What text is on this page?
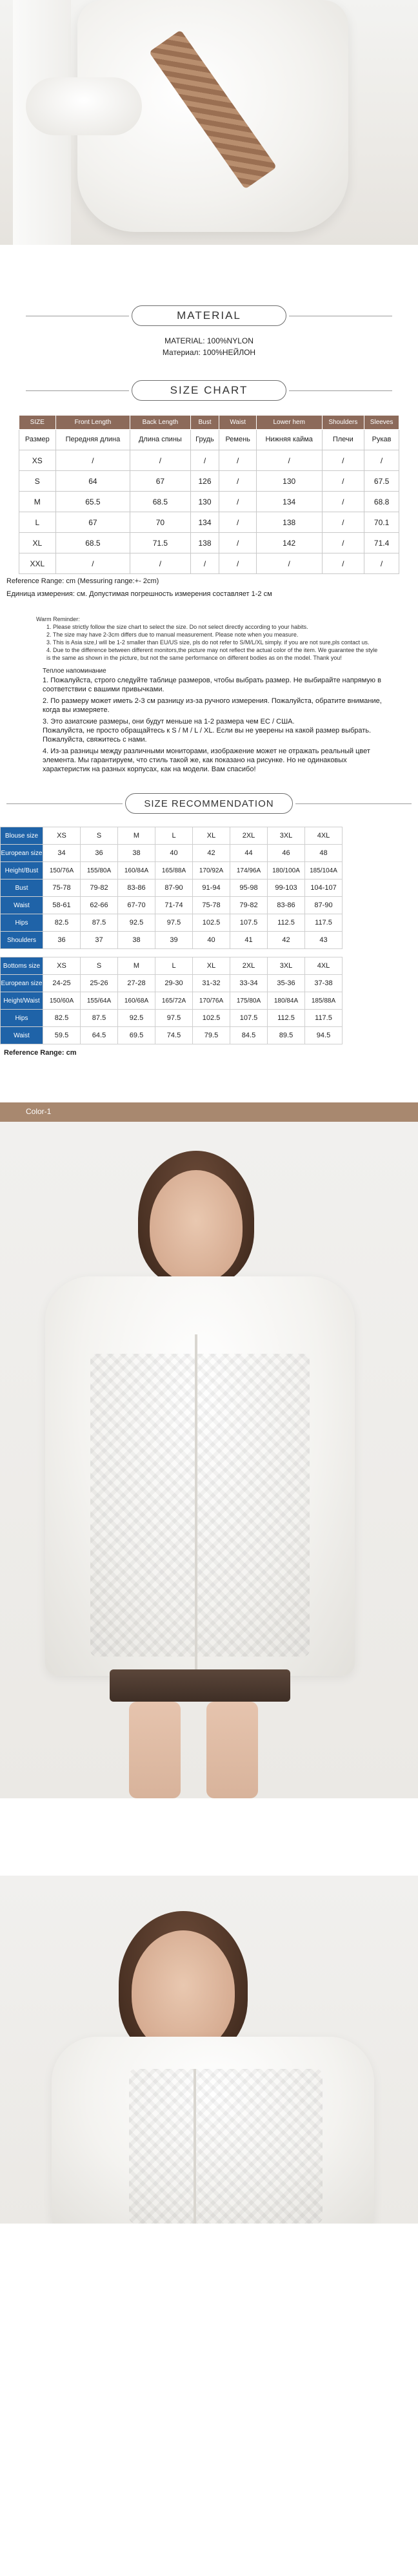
MATERIAL
MATERIAL: 100%NYLON
Материал: 100%НЕЙЛОН
SIZE CHART
SIZE	Front Length	Back Length	Bust	Waist	Lower hem	Shoulders	Sleeves
Размер	Передняя длина	Длина спины	Грудь	Ремень	Нижняя кайма	Плечи	Рукав
XS	/	/	/	/	/	/	/
S	64	67	126	/	130	/	67.5
M	65.5	68.5	130	/	134	/	68.8
L	67	70	134	/	138	/	70.1
XL	68.5	71.5	138	/	142	/	71.4
XXL	/	/	/	/	/	/	/
Reference Range: cm (Messuring range:+- 2cm)
Единица измерения: см. Допустимая погрешность измерения составляет 1-2 см
Warm Reminder:
1. Please strictly follow the size chart to select the size. Do not select directly according to your habits.
2. The size may have 2-3cm differs due to manual measurement. Please note when you measure.
3. This is Asia size,I will be 1-2 smaller than EU/US size, pls do not refer to S/M/L/XL simply. if you are not sure,pls contact us.
4. Due to the difference between different monitors,the picture may not reflect the actual color of the item. We guarantee the style is the same as shown in the picture, but not the same performance on different bodies as on the model. Thank you!
Теплое напоминание
1. Пожалуйста, строго следуйте таблице размеров, чтобы выбрать размер. Не выбирайте напрямую в соответствии с вашими привычками.
2. По размеру может иметь 2-3 см разницу из-за ручного измерения. Пожалуйста, обратите внимание, когда вы измеряете.
3. Это азиатские размеры, они будут меньше на 1-2 размера чем ЕС / США.
Пожалуйста, не просто обращайтесь к S / M / L / XL. Если вы не уверены на какой размер выбрать. Пожалуйста, свяжитесь с нами.
4. Из-за разницы между различными мониторами, изображение может не отражать реальный цвет элемента. Мы гарантируем, что стиль такой же, как показано на рисунке. Но не одинаковых характеристик на разных корпусах, как на модели. Вам спасибо!
SIZE RECOMMENDATION
Blouse size	XS	S	M	L	XL	2XL	3XL	4XL
European size	34	36	38	40	42	44	46	48
Height/Bust	150/76A	155/80A	160/84A	165/88A	170/92A	174/96A	180/100A	185/104A
Bust	75-78	79-82	83-86	87-90	91-94	95-98	99-103	104-107
Waist	58-61	62-66	67-70	71-74	75-78	79-82	83-86	87-90
Hips	82.5	87.5	92.5	97.5	102.5	107.5	112.5	117.5
Shoulders	36	37	38	39	40	41	42	43
Bottoms size	XS	S	M	L	XL	2XL	3XL	4XL
European size	24-25	25-26	27-28	29-30	31-32	33-34	35-36	37-38
Height/Waist	150/60A	155/64A	160/68A	165/72A	170/76A	175/80A	180/84A	185/88A
Hips	82.5	87.5	92.5	97.5	102.5	107.5	112.5	117.5
Waist	59.5	64.5	69.5	74.5	79.5	84.5	89.5	94.5
Reference Range: cm
Color-1
